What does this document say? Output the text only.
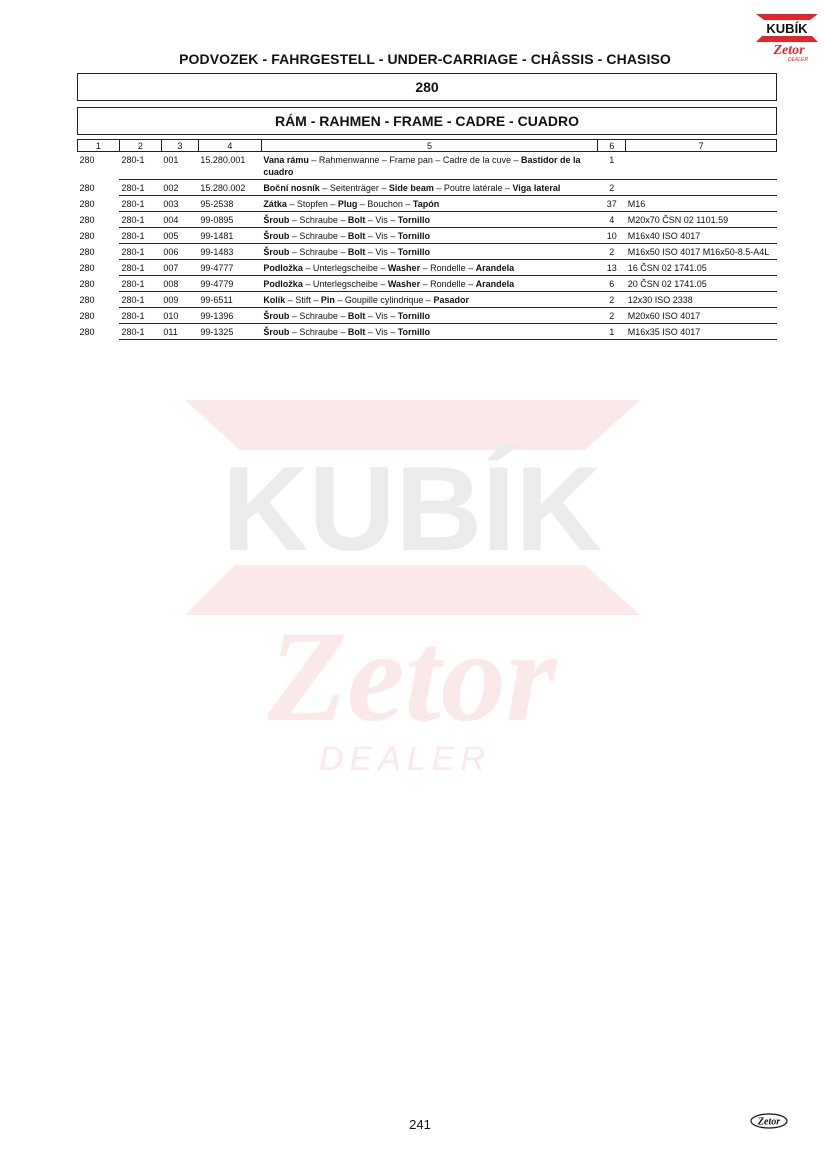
KUBÍK
Zetor
DEALER
PODVOZEK - FAHRGESTELL - UNDER-CARRIAGE - CHÂSSIS - CHASISO
280
RÁM - RAHMEN - FRAME - CADRE - CUADRO
KUBÍK
Zetor
DEALER
1	2	3	4	5	6	7
280	280-1	001	15.280.001	Vana rámu – Rahmenwanne – Frame pan – Cadre de la cuve – Bastidor de la cuadro	1	
280	280-1	002	15.280.002	Boční nosník – Seitenträger – Side beam – Poutre latérale – Viga lateral	2	
280	280-1	003	95-2538	Zátka – Stopfen – Plug – Bouchon – Tapón	37	M16
280	280-1	004	99-0895	Šroub – Schraube – Bolt – Vis – Tornillo	4	M20x70 ČSN 02 1101.59
280	280-1	005	99-1481	Šroub – Schraube – Bolt – Vis – Tornillo	10	M16x40 ISO 4017
280	280-1	006	99-1483	Šroub – Schraube – Bolt – Vis – Tornillo	2	M16x50 ISO 4017 M16x50-8.5-A4L
280	280-1	007	99-4777	Podložka – Unterlegscheibe – Washer – Rondelle – Arandela	13	16 ČSN 02 1741.05
280	280-1	008	99-4779	Podložka – Unterlegscheibe – Washer – Rondelle – Arandela	6	20 ČSN 02 1741.05
280	280-1	009	99-6511	Kolík – Stift – Pin – Goupille cylindrique – Pasador	2	12x30 ISO 2338
280	280-1	010	99-1396	Šroub – Schraube – Bolt – Vis – Tornillo	2	M20x60 ISO 4017
280	280-1	011	99-1325	Šroub – Schraube – Bolt – Vis – Tornillo	1	M16x35 ISO 4017
241	Zetor
